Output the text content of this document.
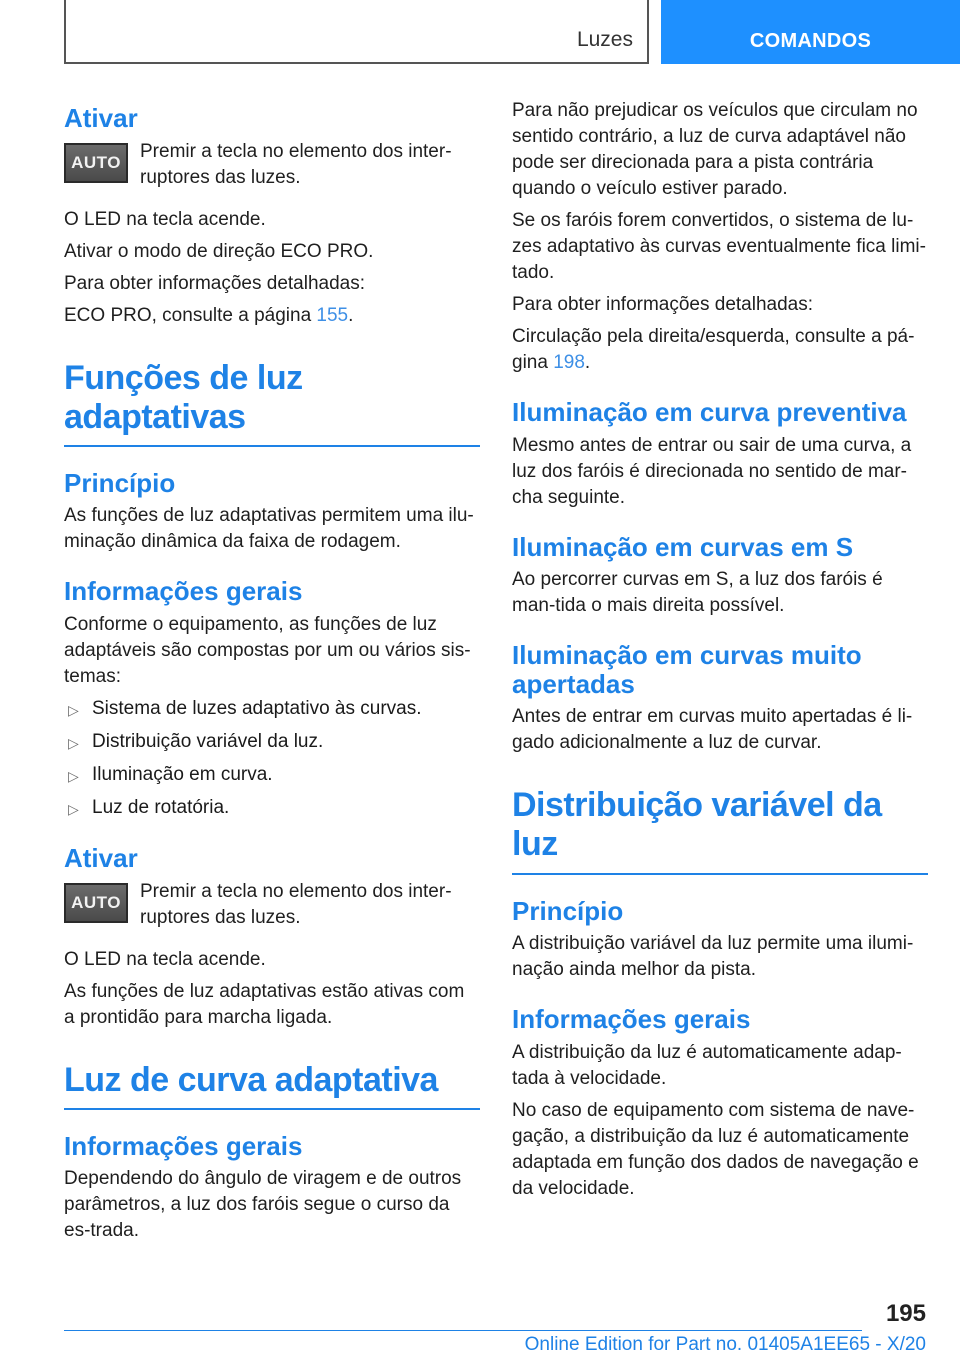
Luzes	COMANDOS
Ativar
AUTO

Premir a tecla no elemento dos inter-ruptores das luzes.

O LED na tecla acende.

Ativar o modo de direção ECO PRO.

Para obter informações detalhadas:

ECO PRO, consulte a página 155.

Funções de luz adaptativas
Princípio

As funções de luz adaptativas permitem uma ilu-minação dinâmica da faixa de rodagem.

Informações gerais

Conforme o equipamento, as funções de luz adaptáveis são compostas por um ou vários sis-temas:

▷ Sistema de luzes adaptativo às curvas.
▷ Distribuição variável da luz.
▷ Iluminação em curva.
▷ Luz de rotatória.
Ativar
AUTO

Premir a tecla no elemento dos inter-ruptores das luzes.

O LED na tecla acende.

As funções de luz adaptativas estão ativas com a prontidão para marcha ligada.

Luz de curva adaptativa
Informações gerais

Dependendo do ângulo de viragem e de outros parâmetros, a luz dos faróis segue o curso da es-trada.

Para não prejudicar os veículos que circulam no sentido contrário, a luz de curva adaptável não pode ser direcionada para a pista contrária quando o veículo estiver parado.

Se os faróis forem convertidos, o sistema de lu-zes adaptativo às curvas eventualmente fica limi-tado.

Para obter informações detalhadas:

Circulação pela direita/esquerda, consulte a pá-gina 198.

Iluminação em curva preventiva

Mesmo antes de entrar ou sair de uma curva, a luz dos faróis é direcionada no sentido de mar-cha seguinte.

Iluminação em curvas em S

Ao percorrer curvas em S, a luz dos faróis é man-tida o mais direita possível.

Iluminação em curvas muito apertadas

Antes de entrar em curvas muito apertadas é li-gado adicionalmente a luz de curvar.

Distribuição variável da luz
Princípio

A distribuição variável da luz permite uma ilumi-nação ainda melhor da pista.

Informações gerais

A distribuição da luz é automaticamente adap-tada à velocidade.

No caso de equipamento com sistema de nave-gação, a distribuição da luz é automaticamente adaptada em função dos dados de navegação e da velocidade.

195
Online Edition for Part no. 01405A1EE65 - X/20
